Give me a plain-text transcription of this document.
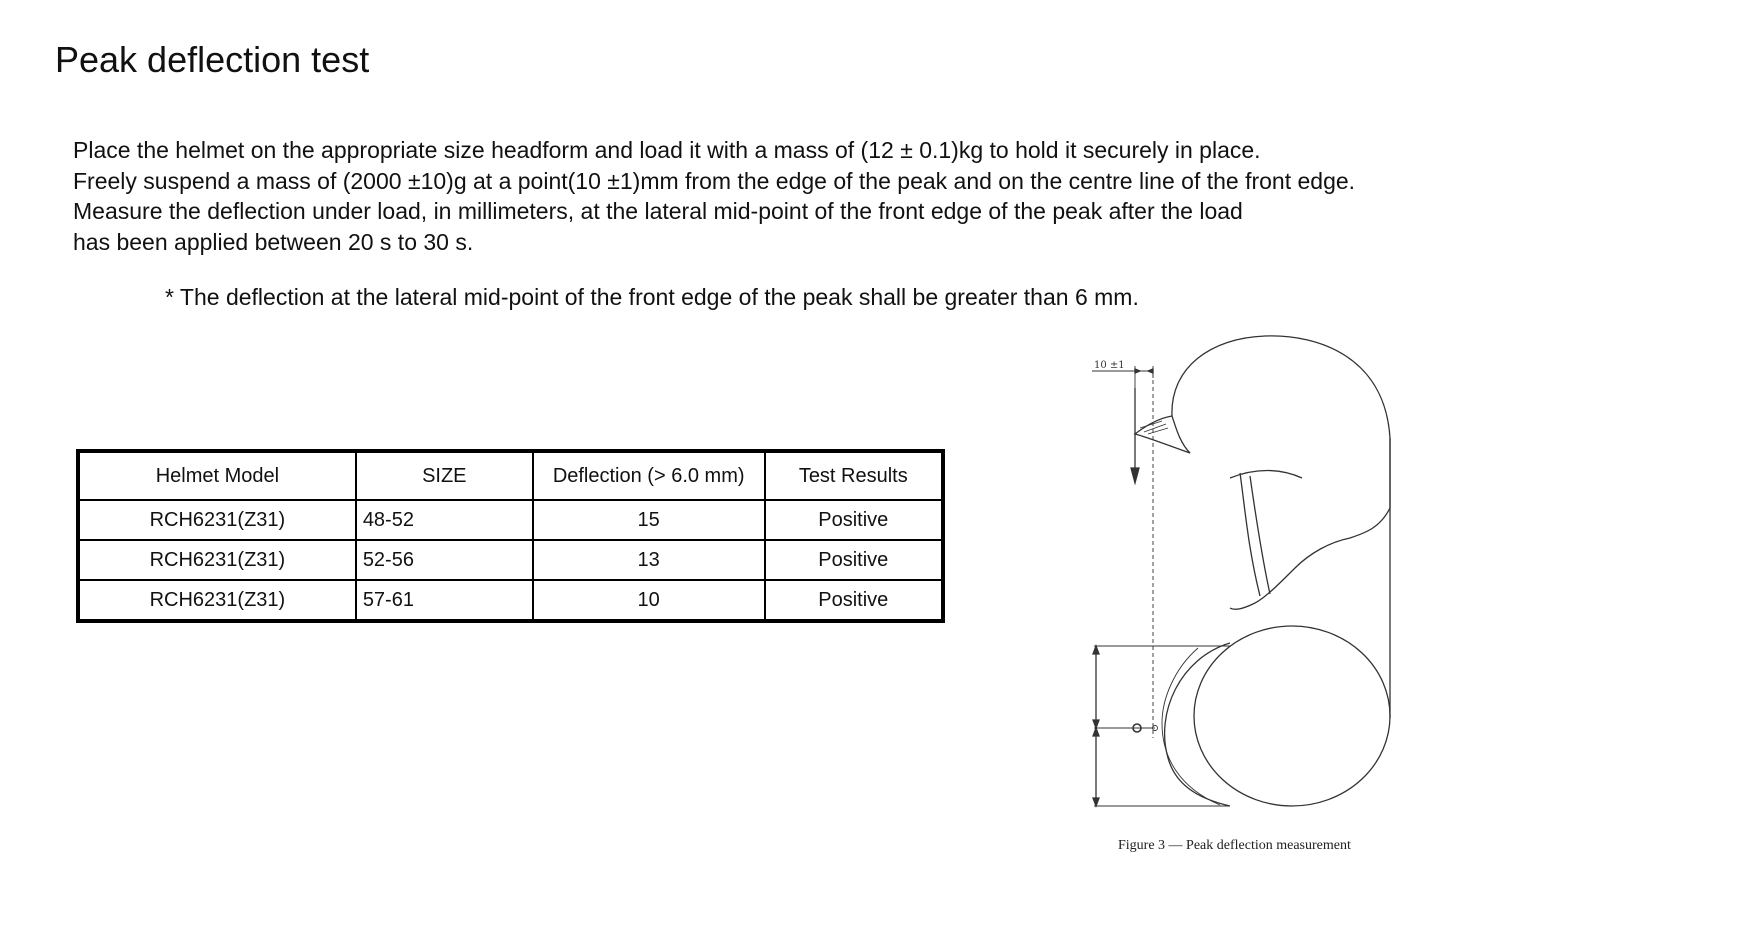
Peak deflection test
Place the helmet on the appropriate size headform and load it with a mass of (12 ± 0.1)kg to hold it securely in place.
Freely suspend a mass of (2000 ±10)g at a point(10 ±1)mm from the edge of the peak and on the centre line of the front edge.
Measure the deflection under load, in millimeters, at the lateral mid-point of the front edge of the peak after the load
has been applied between 20 s to 30 s.
* The deflection at the lateral mid-point of the front edge of the peak shall be greater than 6 mm.
Helmet Model	SIZE	Deflection (> 6.0 mm)	Test Results
RCH6231(Z31)	48-52	15	Positive
RCH6231(Z31)	52-56	13	Positive
RCH6231(Z31)	57-61	10	Positive
10 ±1
Figure 3 — Peak deflection measurement
